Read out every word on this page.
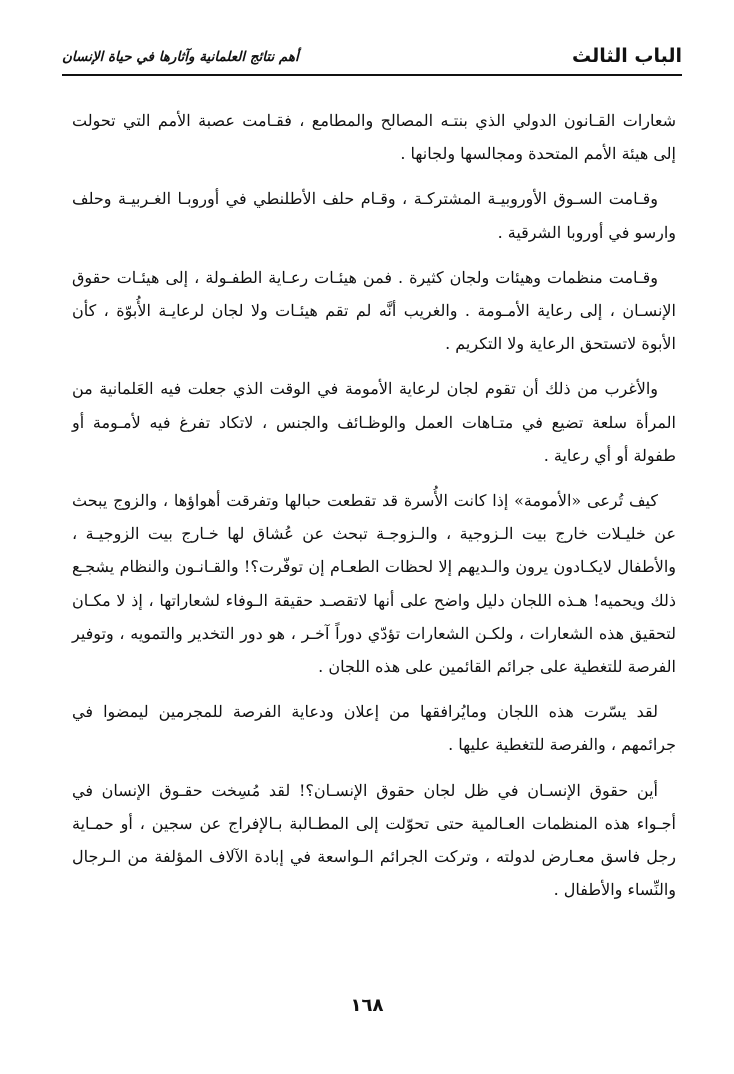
الباب الثالث
أهم نتائج العلمانية وآثارها في حياة الإنسان

شعارات القـانون الدولي الذي بنتـه المصالح والمطامع ، فقـامت عصبة الأمم التي تحولت إلى هيئة الأمم المتحدة ومجالسها ولجانها .

وقـامت السـوق الأوروبيـة المشتركـة ، وقـام حلف الأطلنطي في أوروبـا الغـربيـة وحلف وارسو في أوروبا الشرقية .

وقـامت منظمات وهيئات ولجان كثيرة . فمن هيئـات رعـاية الطفـولة ، إلى هيئـات حقوق الإنسـان ، إلى رعاية الأمـومة . والغريب أنَّه لم تقم هيئـات ولا لجان لرعايـة الأُبوّة ، كأن الأبوة لاتستحق الرعاية ولا التكريم .

والأغرب من ذلك أن تقوم لجان لرعاية الأمومة في الوقت الذي جعلت فيه العَلمانية من المرأة سلعة تضيع في متـاهات العمل والوظـائف والجنس ، لاتكاد تفرغ فيه لأمـومة أو طفولة أو أي رعاية .

كيف تُرعى «الأمومة» إذا كانت الأُسرة قد تقطعت حبالها وتفرقت أهواؤها ، والزوج يبحث عن خليـلات خارج بيت الـزوجية ، والـزوجـة تبحث عن عُشاق لها خـارج بيت الزوجيـة ، والأطفال لايكـادون يرون والـديهم إلا لحظات الطعـام إن توفّرت؟! والقـانـون والنظام يشجـع ذلك ويحميه! هـذه اللجان دليل واضح على أنها لاتقصـد حقيقة الـوفاء لشعاراتها ، إذ لا مكـان لتحقيق هذه الشعارات ، ولكـن الشعارات تؤدّي دوراً آخـر ، هو دور التخدير والتمويه ، وتوفير الفرصة للتغطية على جرائم القائمين على هذه اللجان .

لقد يسّرت هذه اللجان ومايُرافقها من إعلان ودعاية الفرصة للمجرمين ليمضوا في جرائمهم ، والفرصة للتغطية عليها .

أين حقوق الإنسـان في ظل لجان حقوق الإنسـان؟! لقد مُسِخت حقـوق الإنسان في أجـواء هذه المنظمات العـالمية حتى تحوّلت إلى المطـالبة بـالإفراج عن سجين ، أو حمـاية رجل فاسق معـارض لدولته ، وتركت الجرائم الـواسعة في إبادة الآلاف المؤلفة من الـرجال والنِّساء والأطفال .

١٦٨
